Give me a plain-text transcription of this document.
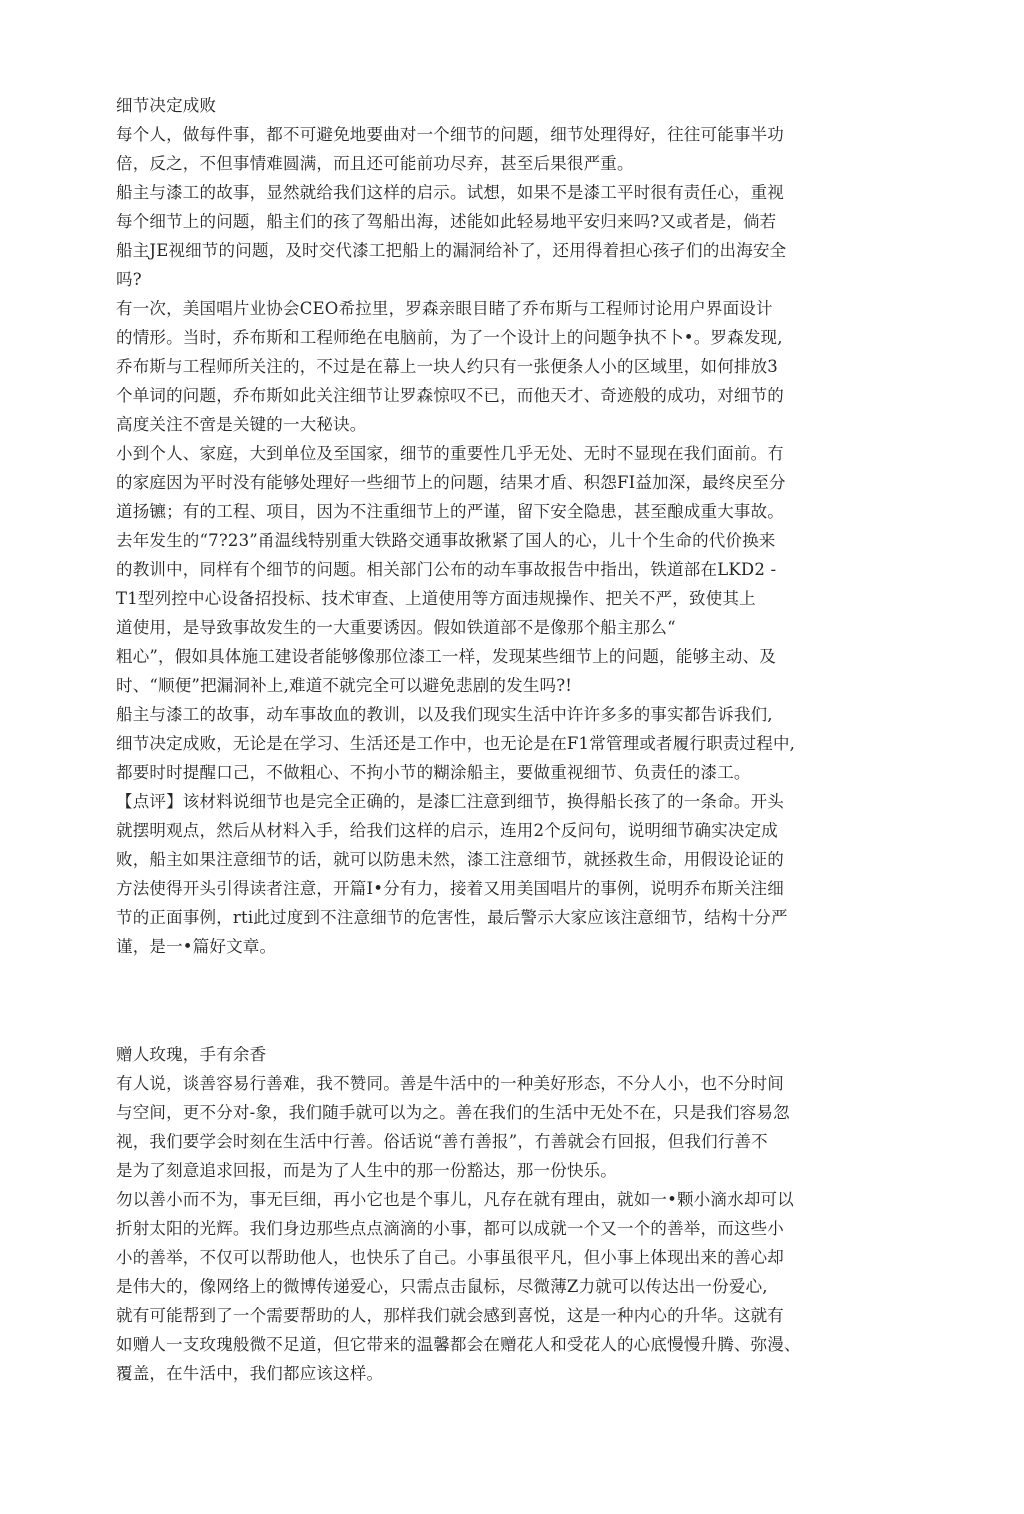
细节决定成败
每个人，做每件事，都不可避免地要曲对一个细节的问题，细节处理得好，往往可能事半功
倍，反之，不但事情难圆满，而且还可能前功尽弃，甚至后果很严重。
船主与漆工的故事，显然就给我们这样的启示。试想，如果不是漆工平时很有责任心，重视
每个细节上的问题，船主们的孩了驾船出海，述能如此轻易地平安归来吗?又或者是，倘若
船主JE视细节的问题，及时交代漆工把船上的漏洞给补了，还用得着担心孩孑们的出海安全
吗?
有一次，美国唱片业协会CEO希拉里，罗森亲眼目睹了乔布斯与工程师讨论用户界面设计
的情形。当时，乔布斯和工程师绝在电脑前，为了一个设计上的问题争执不卜•。罗森发现,
乔布斯与工程师所关注的，不过是在幕上一块人约只有一张便条人小的区域里，如何排放3
个单词的问题，乔布斯如此关注细节让罗森惊叹不已，而他天才、奇迹般的成功，对细节的
高度关注不啻是关键的一大秘诀。
小到个人、家庭，大到单位及至国家，细节的重要性几乎无处、无时不显现在我们面前。冇
的家庭因为平时没有能够处理好一些细节上的问题，结果才盾、积怨FI益加深，最终戻至分
道扬镳；有的工程、项目，因为不注重细节上的严谨，留下安全隐患，甚至酿成重大事故。
去年发生的“7?23”甬温线特别重大铁路交通事故揪紧了国人的心，儿十个生命的代价换来
的教训中，同样有个细节的问题。相关部门公布的动车事故报告中指出，铁道部在LKD2 -
T1型列控中心设备招投标、技术审查、上道使用等方面违规操作、把关不严，致使其上
道使用，是导致事故发生的一大重要诱因。假如铁道部不是像那个船主那么“
粗心”，假如具体施工建设者能够像那位漆工一样，发现某些细节上的问题，能够主动、及
时、“顺便”把漏洞补上,难道不就完全可以避免悲剧的发生吗?!
船主与漆工的故事，动车事故血的教训，以及我们现实生活中许许多多的事实都告诉我们,
细节决定成败，无论是在学习、生活还是工作中，也无论是在F1常管理或者履行职责过程中,
都要时时提醒口己，不做粗心、不拘小节的糊涂船主，要做重视细节、负责任的漆工。
【点评】该材料说细节也是完全正确的，是漆匚注意到细节，换得船长孩了的一条命。开头
就摆明观点，然后从材料入手，给我们这样的启示，连用2个反问句，说明细节确实决定成
败，船主如果注意细节的话，就可以防患未然，漆工注意细节，就拯救生命，用假设论证的
方法使得开头引得读者注意，开篇I•分有力，接着又用美国唱片的事例，说明乔布斯关注细
节的正面事例，rti此过度到不注意细节的危害性，最后警示大家应该注意细节，结构十分严
谨，是一•篇好文章。
赠人玫瑰，手有余香
有人说，谈善容易行善难，我不赞同。善是牛活中的一种美好形态，不分人小，也不分时间
与空间，更不分对-象，我们随手就可以为之。善在我们的生活中无处不在，只是我们容易忽
视，我们要学会时刻在生活中行善。俗话说“善冇善报”，冇善就会冇回报，但我们行善不
是为了刻意追求回报，而是为了人生中的那一份豁达，那一份快乐。
勿以善小而不为，事无巨细，再小它也是个事儿，凡存在就有理由，就如一•颗小滴水却可以
折射太阳的光辉。我们身边那些点点滴滴的小事，都可以成就一个又一个的善举，而这些小
小的善举，不仅可以帮助他人，也快乐了自己。小事虽很平凡，但小事上体现出来的善心却
是伟大的，像网络上的微博传递爱心，只需点击鼠标，尽微薄Z力就可以传达出一份爱心,
就有可能帮到了一个需要帮助的人，那样我们就会感到喜悦，这是一种内心的升华。这就有
如赠人一支玫瑰般微不足道，但它带来的温馨都会在赠花人和受花人的心底慢慢升腾、弥漫、
覆盖，在牛活中，我们都应该这样。
